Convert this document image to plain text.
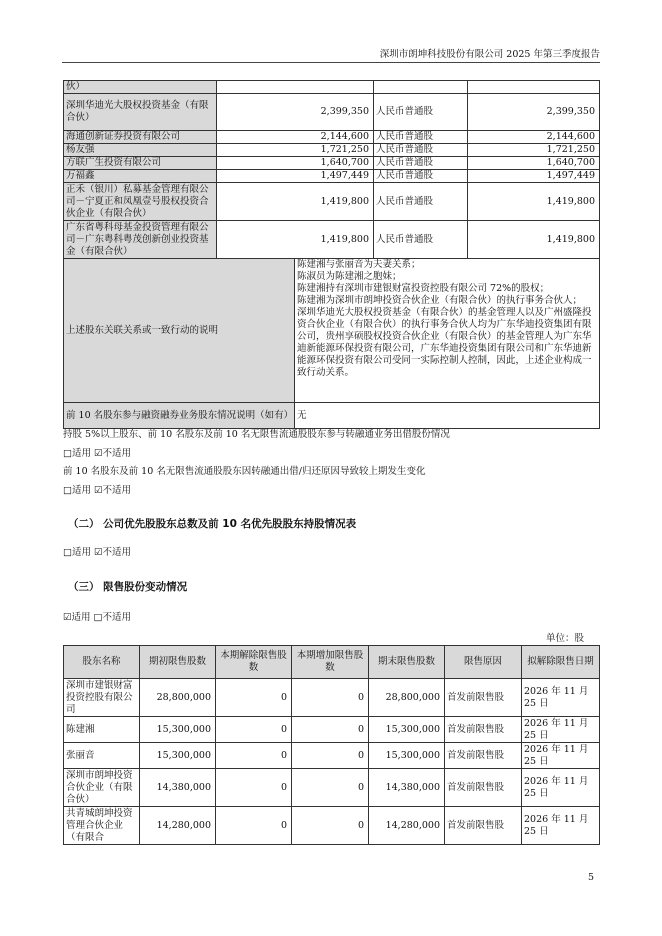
深圳市朗坤科技股份有限公司 2025 年第三季度报告
伙）				
深圳华迪光大股权投资基金（有限合伙）	2,399,350		人民币普通股	2,399,350
海通创新证券投资有限公司	2,144,600		人民币普通股	2,144,600
杨友强	1,721,250		人民币普通股	1,721,250
方联广生投资有限公司	1,640,700		人民币普通股	1,640,700
万福鑫	1,497,449		人民币普通股	1,497,449
正禾（银川）私募基金管理有限公司－宁夏正和凤凰壹号股权投资合伙企业（有限合伙）	1,419,800		人民币普通股	1,419,800
广东省粤科母基金投资管理有限公司－广东粤科粤茂创新创业投资基金（有限合伙）	1,419,800		人民币普通股	1,419,800
上述股东关联关系或一致行动的说明		陈建湘与张丽音为夫妻关系；
陈淑员为陈建湘之胞妹；
陈建湘持有深圳市建银财富投资控股有限公司 72%的股权；
陈建湘为深圳市朗坤投资合伙企业（有限合伙）的执行事务合伙人；
深圳华迪光大股权投资基金（有限合伙）的基金管理人以及广州盛隆投资合伙企业（有限合伙）的执行事务合伙人均为广东华迪投资集团有限公司，贵州享硕股权投资合伙企业（有限合伙）的基金管理人为广东华迪新能源环保投资有限公司，广东华迪投资集团有限公司和广东华迪新能源环保投资有限公司受同一实际控制人控制，因此，上述企业构成一致行动关系。		
前 10 名股东参与融资融券业务股东情况说明（如有）		无		
持股 5%以上股东、前 10 名股东及前 10 名无限售流通股股东参与转融通业务出借股份情况
□适用 ☑不适用
前 10 名股东及前 10 名无限售流通股股东因转融通出借/归还原因导致较上期发生变化
□适用 ☑不适用
（二） 公司优先股股东总数及前 10 名优先股股东持股情况表
□适用 ☑不适用
（三） 限售股份变动情况
☑适用 □不适用
单位：股
股东名称	期初限售股数	本期解除限售股数	本期增加限售股数	期末限售股数	限售原因	拟解除限售日期
深圳市建银财富投资控股有限公司	28,800,000	0	0	28,800,000	首发前限售股	2026 年 11 月 25 日
陈建湘	15,300,000	0	0	15,300,000	首发前限售股	2026 年 11 月 25 日
张丽音	15,300,000	0	0	15,300,000	首发前限售股	2026 年 11 月 25 日
深圳市朗坤投资合伙企业（有限合伙）	14,380,000	0	0	14,380,000	首发前限售股	2026 年 11 月 25 日
共青城朗坤投资管理合伙企业（有限合	14,280,000	0	0	14,280,000	首发前限售股	2026 年 11 月 25 日
5
